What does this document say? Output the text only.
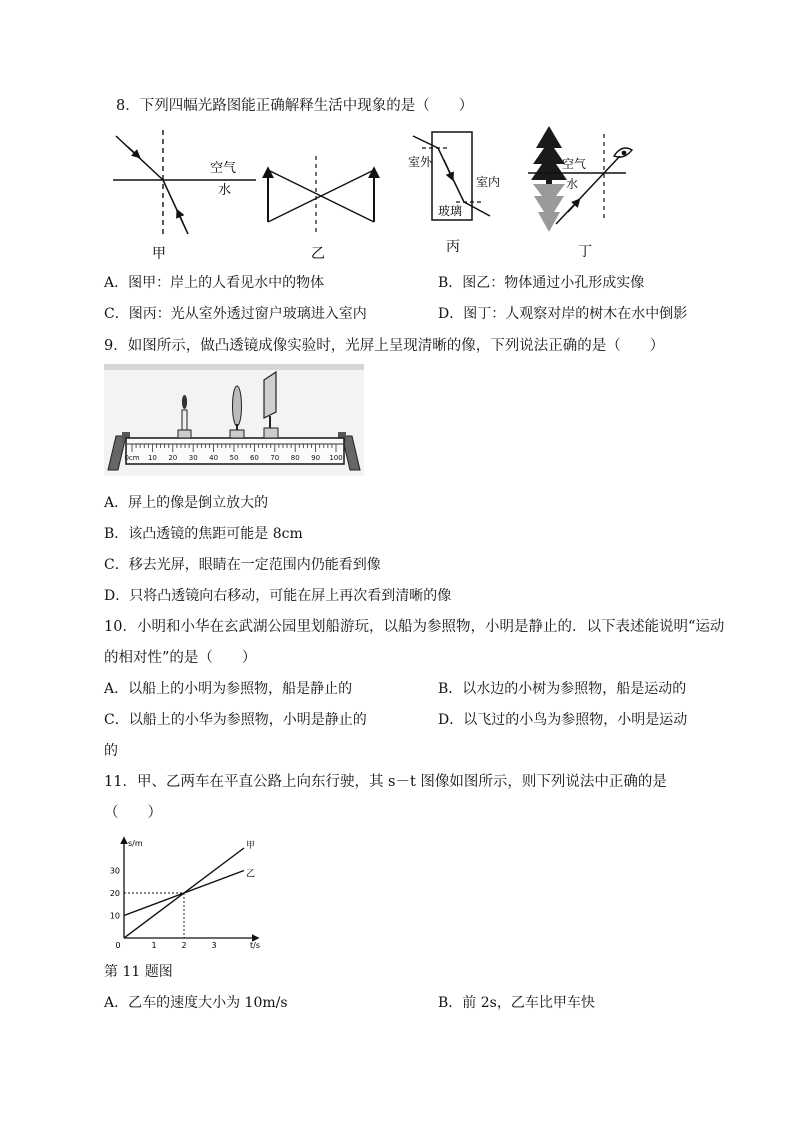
8．下列四幅光路图能正确解释生活中现象的是（　　）
空气
水
甲	乙
室外
室内
玻璃
丙
空气
水
丁
A．图甲：岸上的人看见水中的物体	B．图乙：物体通过小孔形成实像
C．图丙：光从室外透过窗户玻璃进入室内	D．图丁：人观察对岸的树木在水中倒影
9．如图所示，做凸透镜成像实验时，光屏上呈现清晰的像，下列说法正确的是（　　）
0cm 10 20 30 40 50 60 70 80 90 100
A．屏上的像是倒立放大的
B．该凸透镜的焦距可能是 8cm
C．移去光屏，眼睛在一定范围内仍能看到像
D．只将凸透镜向右移动，可能在屏上再次看到清晰的像
10．小明和小华在玄武湖公园里划船游玩，以船为参照物，小明是静止的．以下表述能说明“运动
的相对性”的是（　　）
A．以船上的小明为参照物，船是静止的	B．以水边的小树为参照物，船是运动的
C．以船上的小华为参照物，小明是静止的	D．以飞过的小鸟为参照物，小明是运动
的
11．甲、乙两车在平直公路上向东行驶，其 s－t 图像如图所示，则下列说法中正确的是
（　　）
s/m
t/s
0	1	2	3
10
20
30
甲
乙
第 11 题图
A．乙车的速度大小为 10m/s	B．前 2s，乙车比甲车快
